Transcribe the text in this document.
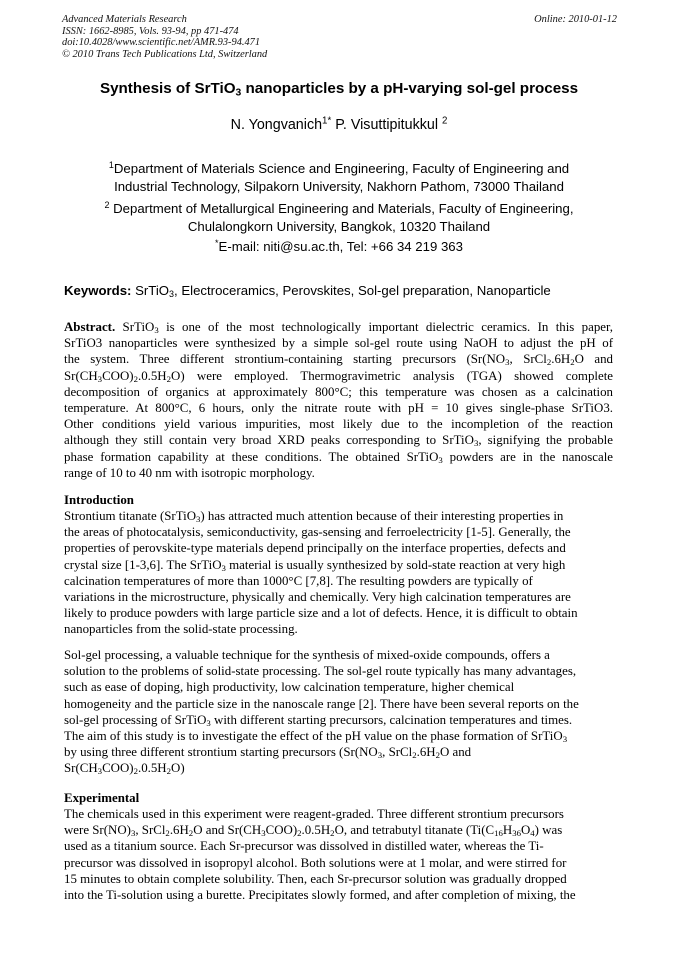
Advanced Materials Research
ISSN: 1662-8985, Vols. 93-94, pp 471-474
doi:10.4028/www.scientific.net/AMR.93-94.471
© 2010 Trans Tech Publications Ltd, Switzerland
Online: 2010-01-12
Synthesis of SrTiO$_3$ nanoparticles by a pH-varying sol-gel process
N. Yongvanich$^{1*}$ P. Visuttipitukkul $^2$
$^1$Department of Materials Science and Engineering, Faculty of Engineering and
Industrial Technology, Silpakorn University, Nakhorn Pathom, 73000 Thailand
$^2$ Department of Metallurgical Engineering and Materials, Faculty of Engineering,
Chulalongkorn University, Bangkok, 10320 Thailand
*E-mail: niti@su.ac.th, Tel: +66 34 219 363
Keywords: SrTiO$_3$, Electroceramics, Perovskites, Sol-gel preparation, Nanoparticle
Abstract. SrTiO$_3$ is one of the most technologically important dielectric ceramics. In this paper,
SrTiO3 nanoparticles were synthesized by a simple sol-gel route using NaOH to adjust the pH of
the system. Three different strontium-containing starting precursors ($Sr(NO_3$, $SrCl_2.6H_2O$ and
$Sr(CH_3COO)_2.0.5H_2O$) were employed. Thermogravimetric analysis (TGA) showed complete
decomposition of organics at approximately 800°C; this temperature was chosen as a calcination
temperature. At 800°C, 6 hours, only the nitrate route with pH = 10 gives single-phase SrTiO3.
Other conditions yield various impurities, most likely due to the incompletion of the reaction
although they still contain very broad XRD peaks corresponding to SrTiO$_3$, signifying the probable
phase formation capability at these conditions. The obtained SrTiO$_3$ powders are in the nanoscale
range of 10 to 40 nm with isotropic morphology.
Introduction
Strontium titanate (SrTiO$_3$) has attracted much attention because of their interesting properties in
the areas of photocatalysis, semiconductivity, gas-sensing and ferroelectricity [1-5]. Generally, the
properties of perovskite-type materials depend principally on the interface properties, defects and
crystal size [1-3,6]. The SrTiO$_3$ material is usually synthesized by sold-state reaction at very high
calcination temperatures of more than 1000°C [7,8]. The resulting powders are typically of
variations in the microstructure, physically and chemically. Very high calcination temperatures are
likely to produce powders with large particle size and a lot of defects. Hence, it is difficult to obtain
nanoparticles from the solid-state processing.
Sol-gel processing, a valuable technique for the synthesis of mixed-oxide compounds, offers a
solution to the problems of solid-state processing. The sol-gel route typically has many advantages,
such as ease of doping, high productivity, low calcination temperature, higher chemical
homogeneity and the particle size in the nanoscale range [2]. There have been several reports on the
sol-gel processing of SrTiO$_3$ with different starting precursors, calcination temperatures and times.
The aim of this study is to investigate the effect of the pH value on the phase formation of SrTiO$_3$
by using three different strontium starting precursors ($Sr(NO_3$, $SrCl_2.6H_2O$ and
$Sr(CH_3COO)_2.0.5H_2O$)
Experimental
The chemicals used in this experiment were reagent-graded. Three different strontium precursors
were $Sr(NO)_3$, $SrCl_2.6H_2O$ and $Sr(CH_3COO)_2.0.5H_2O$, and tetrabutyl titanate ($Ti(C_{16}H_{36}O_4)$ was
used as a titanium source. Each Sr-precursor was dissolved in distilled water, whereas the Ti-
precursor was dissolved in isopropyl alcohol. Both solutions were at 1 molar, and were stirred for
15 minutes to obtain complete solubility. Then, each Sr-precursor solution was gradually dropped
into the Ti-solution using a burette. Precipitates slowly formed, and after completion of mixing, the
